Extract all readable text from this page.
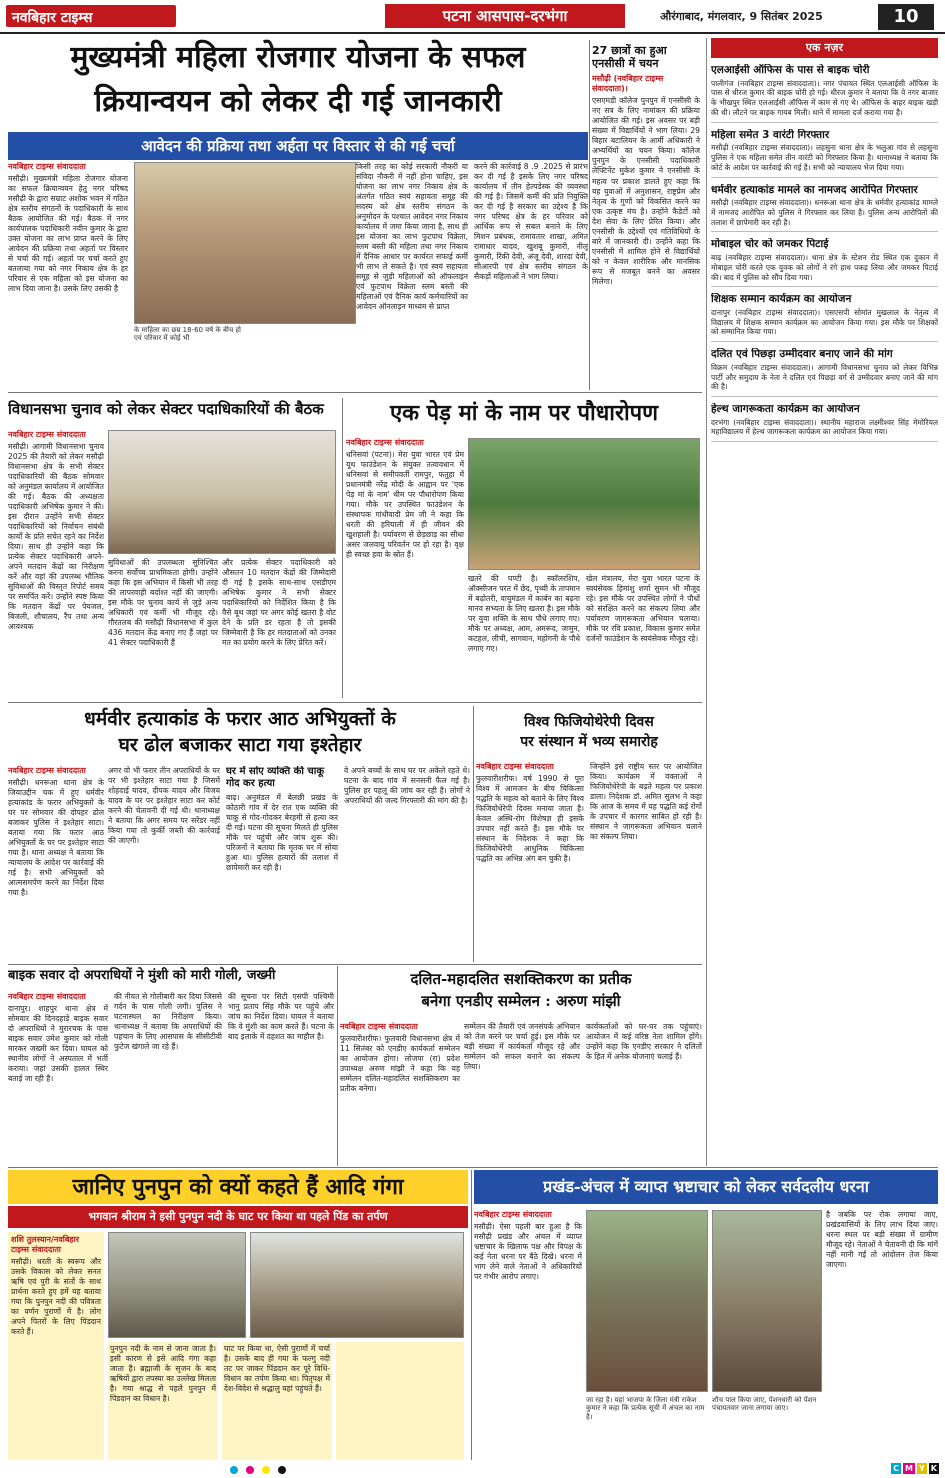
नवबिहार टाइम्स	पटना आसपास-दरभंगा	औरंगाबाद, मंगलवार, 9 सितंबर 2025	10
मुख्यमंत्री महिला रोजगार योजना के सफल
क्रियान्वयन को लेकर दी गई जानकारी
आवेदन की प्रक्रिया तथा अर्हता पर विस्तार से की गई चर्चा
नवबिहार टाइम्स संवाददाता
मसौढ़ी। मुख्यमंत्री महिला रोजगार योजना का सफल क्रियान्वयन हेतु नगर परिषद मसौढ़ी के द्वारा सम्राट अशोक भवन में गठित क्षेत्र स्तरीय संगठनों के पदाधिकारी के साथ बैठक आयोजित की गई। बैठक में नगर कार्यपालक पदाधिकारी नवीन कुमार के द्वारा उक्त योजना का लाभ प्राप्त करने के लिए आवेदन की प्रक्रिया तथा अहर्ता पर विस्तार से चर्चा की गई। अहर्ता पर चर्चा करते हुए बतलाया गया को नगर निकाय क्षेत्र के हर परिवार से एक महिला को इस योजना का लाभ दिया जाना है। उसके लिए उसकी है
के माहिला का छम्र 18-60 वर्ष के बीच हो एवं परिवार में कोई भी
किसी तरह का कोई सरकारी नौकरी या संविदा नौकरी में नहीं होना चाहिए, इस योजना का लाभ नगर निकाय क्षेत्र के अंतर्गत गठित स्वयं सहायता समूह की सदस्य को क्षेत्र स्तरीय संगठन के अनुमोदन के पश्चात आवेदन नगर निकाय कार्यालय में जमा किया जाना है, साथ ही इस योजना का लाभ फुटपाथ विक्रेता, स्लम बस्ती की महिला तथा नगर निकाय में दैनिक आधार पर कार्यरत सफाई कर्मी भी लाभ ले सकते है। एवं स्वयं सहायता समूह से जुड़ी महिलाओं को ऑफलाइन एवं फुटपाथ विक्रेता स्लम बस्ती की महिलाओं एवं दैनिक कार्य कर्मचारियों का आवेदन ऑनलाइन माध्यम से प्राप्त
करने की कार्रवाई 8 .9 .2025 से प्रारंभ कर दी गई है इसके लिए नगर परिषद कार्यालय में तीन हेल्पडेस्क की व्यवस्था की गई है। जिसमें कर्मी की प्रति नियुक्ति कर दी गई है सरकार का उद्देश्य है कि नगर परिषद क्षेत्र के हर परिवार को आर्थिक रूप से सबल बनाने के लिए मिशन प्रबंधक, रामावतार शाखा, अमित रामाधार यादव, खुशबू कुमारी, नीलू कुमारी, रिंकी देवी, अंजू देवी, शारदा देवी, सीआरपी एवं क्षेत्र स्तरीय संगठन के सैकड़ों महिलाओं ने भाग लिया।
27 छात्रों का हुआ एनसीसी में चयन
मसौढ़ी (नवबिहार टाइम्स संवाददाता)।
एसएमडी कॉलेज पुनपुन में एनसीसी के नए सत्र के लिए नामांकन की प्रक्रिया आयोजित की गई। इस अवसर पर बड़ी संख्या में विद्यार्थियों ने भाग लिया। 29 बिहार बटालियन के आर्मी अधिकारी ने अभ्यर्थियों का चयन किया। कॉलेज पुनपुन के एनसीसी पदाधिकारी लेफ्टिनेंट मुकेश कुमार ने एनसीसी के महत्व पर प्रकाश डालते हुए कहा कि यह युवाओं में अनुशासन, राष्ट्रप्रेम और नेतृत्व के गुणों को विकसित करने का एक उत्कृष्ट मंच है। उन्होंने कैडेटों को देश सेवा के लिए प्रेरित किया। और एनसीसी के उद्देश्यों एवं गतिविधियों के बारे में जानकारी दी। उन्होंने कहा कि एनसीसी में शामिल होने से विद्यार्थियों को न केवल शारीरिक और मानसिक रूप से मजबूत बनने का अवसर मिलेगा।
विधानसभा चुनाव को लेकर सेक्टर पदाधिकारियों की बैठक
नवबिहार टाइम्स संवाददाता
मसौढ़ी। आगामी विधानसभा चुनाव 2025 की तैयारी को लेकर मसौढ़ी विधानसभा क्षेत्र के सभी सेक्टर पदाधिकारियों की बैठक सोमवार को अनुमंडल कार्यालय में आयोजित की गई। बैठक की अध्यक्षता पदाधिकारी अभिषेक कुमार ने की। इस दौरान उन्होंने सभी सेक्टर पदाधिकारियों को निर्वाचन संबंधी कार्यों के प्रति सचेत रहने का निर्देश दिया। साथ ही उन्होंने कहा कि प्रत्येक सेक्टर पदाधिकारी अपने-अपने मतदान केंद्रों का निरीक्षण करें और वहां की उपलब्ध भौतिक सुविधाओं की विस्तृत रिपोर्ट समय पर समर्पित करें। उन्होंने स्पष्ट किया कि मतदान केंद्रों पर पेयजल, बिजली, शौचालय, रैंप तथा अन्य आवश्यक
सुविधाओं की उपलब्धता सुनिश्चित करना सर्वोच्च प्राथमिकता होगी। उन्होंने कहा कि इस अभियान में किसी भी तरह की लापरवाही बर्दाश्त नहीं की जाएगी। इस मौके पर चुनाव कार्य से जुड़े अन्य अधिकारी एवं कर्मी भी मौजूद रहे। गौरतलब की मसौढ़ी विधानसभा में कुल 436 मतदान केंद्र बनाए गए हैं जहां पर 41 सेक्टर पदाधिकारी हैं
और प्रत्येक सेक्टर पदाधिकारी को औसतन 10 मतदान केंद्रों की जिम्मेदारी दी गई है इसके साथ-साथ एसडीएम अभिषेक कुमार ने सभी सेक्टर पदाधिकारियों को निर्देशित किया है कि वैसे बूथ जहां पर अगर कोई खतरा है वोट देने के प्रति डर रहता है तो इसकी जिम्मेवारी है कि हर मतदाताओं को उनका मत का प्रयोग करने के लिए प्रेरित करें।
एक पेड़ मां के नाम पर पौधारोपण
नवबिहार टाइम्स संवाददाता
धनिसवां (पटना)। मेरा युवा भारत एवं प्रेम यूथ फाउंडेशन के संयुक्त तत्वावधान में धनिसवां से समीपवर्ती रामपुर, फतुहा में प्रधानमंत्री नरेंद्र मोदी के आह्वान पर 'एक पेड़ मां के नाम' थीम पर पौधारोपण किया गया। मौके पर उपस्थित फाउंडेशन के संस्थापक गांधीवादी प्रेम जी ने कहा कि धरती की हरियाली में ही जीवन की खुशहाली है। पर्यावरण से छेड़छाड़ का सीधा असर जलवायु परिवर्तन पर हो रहा है। वृक्ष ही स्वच्छ हवा के स्रोत हैं।
खतरे की घण्टी है। स्कॉलरशिप, ऑक्सीजन परत में छेद, पृथ्वी के तापमान में बढ़ोतरी, वायुमंडल में कार्बन का बढ़ना मानव सभ्यता के लिए खतरा है। इस मौके पर युवा शक्ति के साथ पौधे लगाए गए। मौके पर अध्यक्ष, आम, अमरूद, जामुन, कटहल, लीची, सागवान, महोगनी के पौधे लगाए गए।
खेल मंत्रालय, मेरा युवा भारत पटना के स्वयंसेवक हिमांशु शर्मा सुमन भी मौजूद रहे। इस मौके पर उपस्थित लोगों ने पौधों को संरक्षित करने का संकल्प लिया और पर्यावरण जागरूकता अभियान चलाया। मौके पर रवि प्रकाश, विकास कुमार समेत दर्जनों फाउंडेशन के स्वयंसेवक मौजूद रहे।
धर्मवीर हत्याकांड के फरार आठ अभियुक्तों के
घर ढोल बजाकर साटा गया इश्तेहार
नवबिहार टाइम्स संवाददाता
मसौढ़ी। धनरूआ थाना क्षेत्र के जियाउद्दीन चक में हुए धर्मवीर हत्याकांड के फरार अभियुक्तों के घर पर सोमवार की दोपहर ढोल बजाकर पुलिस ने इश्तेहार साटा। बताया गया कि फरार आठ अभियुक्तों के घर पर इश्तेहार साटा गया है। थाना अध्यक्ष ने बताया कि न्यायालय के आदेश पर कार्रवाई की गई है। सभी अभियुक्तों को आत्मसमर्पण करने का निर्देश दिया गया है।
अगर वो भी फरार तीन अपराधियों के घर पर भी इश्तेहार साटा गया है जिसमें शोहदाई यादव, दीपक यादव और विजय यादव के घर पर इश्तेहार साटा कर कोर्ट करने की चेतावनी दी गई थी। थानाध्यक्ष ने बताया कि अगर समय पर सरेंडर नहीं किया गया तो कुर्की जब्ती की कार्रवाई की जाएगी।
घर में सोए व्यक्ति की चाकू गोद कर हत्या
बाढ़। अनुमंडल में बेलछी प्रखंड के कोठारी गांव में देर रात एक व्यक्ति की चाकू से गोद-गोदकर बेरहमी से हत्या कर दी गई। घटना की सूचना मिलते ही पुलिस मौके पर पहुंची और जांच शुरू की। परिजनों ने बताया कि मृतक घर में सोया हुआ था। पुलिस हत्यारों की तलाश में छापेमारी कर रही है।
वे अपने बच्चों के साथ घर पर अकेले रहते थे। घटना के बाद गांव में सनसनी फैल गई है। पुलिस हर पहलू की जांच कर रही है। लोगों ने अपराधियों की जल्द गिरफ्तारी की मांग की है।
विश्व फिजियोथेरेपी दिवस
पर संस्थान में भव्य समारोह
नवबिहार टाइम्स संवाददाता
फुलवारीशरीफ। वर्ष 1990 से पूरा विश्व में आमजन के बीच चिकित्सा पद्धति के महत्व को बताने के लिए विश्व फिजियोथेरेपी दिवस मनाया जाता है। केवल अस्थि-रोग विशेषज्ञ ही इसके उपचार नहीं करते हैं। इस मौके पर संस्थान के निदेशक ने कहा कि फिजियोथेरेपी आधुनिक चिकित्सा पद्धति का अभिन्न अंग बन चुकी है।
जिन्होंने इसे राष्ट्रीय स्तर पर आयोजित किया। कार्यक्रम में वक्ताओं ने फिजियोथेरेपी के बढ़ते महत्व पर प्रकाश डाला। निदेशक डॉ. अमित सुलभ ने कहा कि आज के समय में यह पद्धति कई रोगों के उपचार में कारगर साबित हो रही है। संस्थान ने जागरूकता अभियान चलाने का संकल्प लिया।
बाइक सवार दो अपराधियों ने मुंशी को मारी गोली, जख्मी
नवबिहार टाइम्स संवाददाता
दानापुर। शाहपुर थाना क्षेत्र में सोमवार की दिनदहाड़े बाइक सवार दो अपराधियों ने मुरारचक के पास बाइक सवार उमेश कुमार को गोली मारकर जख्मी कर दिया। घायल को स्थानीय लोगों ने अस्पताल में भर्ती कराया। जहां उसकी हालत स्थिर बताई जा रही है।
की नीयत से गोलीबारी कर दिया जिससे गर्दन के पास गोली लगी। पुलिस ने घटनास्थल का निरीक्षण किया। थानाध्यक्ष ने बताया कि अपराधियों की पहचान के लिए आसपास के सीसीटीवी फुटेज खंगाले जा रहे हैं।
की सूचना पर सिटी एसपी पश्चिमी भानु प्रताप सिंह मौके पर पहुंचे और जांच का निर्देश दिया। घायल ने बताया कि वे मुंशी का काम करते हैं। घटना के बाद इलाके में दहशत का माहौल है।
दलित-महादलित सशक्तिकरण का प्रतीक
बनेगा एनडीए सम्मेलन : अरुण मांझी
नवबिहार टाइम्स संवाददाता
फुलवारीशरीफ। फुलवारी विधानसभा क्षेत्र में 11 सितंबर को एनडीए कार्यकर्ता सम्मेलन का आयोजन होगा। लोजपा (रा) प्रदेश उपाध्यक्ष अरुण मांझी ने कहा कि यह सम्मेलन दलित-महादलित सशक्तिकरण का प्रतीक बनेगा।
सम्मेलन की तैयारी एवं जनसंपर्क अभियान को तेज करने पर चर्चा हुई। इस मौके पर बड़ी संख्या में कार्यकर्ता मौजूद रहे और सम्मेलन को सफल बनाने का संकल्प लिया।
कार्यकर्ताओं को घर-घर तक पहुंचाएं। आयोजन में कई वरिष्ठ नेता शामिल होंगे। उन्होंने कहा कि एनडीए सरकार ने दलितों के हित में अनेक योजनाएं चलाई हैं।
एक नज़र
एलआईसी ऑफिस के पास से बाइक चोरी
पालीगंज (नवबिहार टाइम्स संवाददाता)। नगर पंचायत स्थित एलआईसी ऑफिस के पास से धीरज कुमार की बाइक चोरी हो गई। धीरज कुमार ने बताया कि वे नगर बाजार के भीखपुर स्थित एलआईसी ऑफिस में काम से गए थे। ऑफिस के बाहर बाइक खड़ी की थी। लौटने पर बाइक गायब मिली। थाने में मामला दर्ज कराया गया है।
महिला समेत 3 वारंटी गिरफ्तार
मसौढ़ी (नवबिहार टाइम्स संवाददाता)। लहसुना थाना क्षेत्र के भलुआ गांव से लहसुना पुलिस ने एक महिला समेत तीन वारंटी को गिरफ्तार किया है। थानाध्यक्ष ने बताया कि कोर्ट के आदेश पर कार्रवाई की गई है। सभी को न्यायालय भेज दिया गया।
धर्मवीर हत्याकांड मामले का नामजद आरोपित गिरफ्तार
मसौढ़ी (नवबिहार टाइम्स संवाददाता)। धनरूआ थाना क्षेत्र के धर्मवीर हत्याकांड मामले में नामजद आरोपित को पुलिस ने गिरफ्तार कर लिया है। पुलिस अन्य आरोपितों की तलाश में छापेमारी कर रही है।
मोबाइल चोर को जमकर पिटाई
बाढ़ (नवबिहार टाइम्स संवाददाता)। थाना क्षेत्र के स्टेशन रोड स्थित एक दुकान में मोबाइल चोरी करते एक युवक को लोगों ने रंगे हाथ पकड़ लिया और जमकर पिटाई की। बाद में पुलिस को सौंप दिया गया।
शिक्षक सम्मान कार्यक्रम का आयोजन
दानापुर (नवबिहार टाइम्स संवाददाता)। एसएसपी सोमांत मुखलाल के नेतृत्व में विद्यालय में शिक्षक सम्मान कार्यक्रम का आयोजन किया गया। इस मौके पर शिक्षकों को सम्मानित किया गया।
दलित एवं पिछड़ा उम्मीदवार बनाए जाने की मांग
विक्रम (नवबिहार टाइम्स संवाददाता)। आगामी विधानसभा चुनाव को लेकर विभिन्न पार्टी और समुदाय के नेता ने दलित एवं पिछड़ा वर्ग से उम्मीदवार बनाए जाने की मांग की है।
हेल्थ जागरूकता कार्यक्रम का आयोजन
दरभंगा (नवबिहार टाइम्स संवाददाता)। स्थानीय महाराज लक्ष्मीश्वर सिंह मेमोरियल महाविद्यालय में हेल्थ जागरूकता कार्यक्रम का आयोजन किया गया।
जानिए पुनपुन को क्यों कहते हैं आदि गंगा
भगवान श्रीराम ने इसी पुनपुन नदी के घाट पर किया था पहले पिंड का तर्पण
शशि तुलस्यान/नवबिहार
टाइम्स संवाददाता
मसौढ़ी। धरती के स्वरूप और उसके विकास को लेकर सनत ऋषि एवं पुरी के संतों के साथ प्रार्थना करते हुए हमें यह बताया गया कि पुनपुन नदी की पवित्रता का वर्णन पुराणों में है। लोग अपने पितरों के लिए पिंडदान करते हैं।
पुनपुन नदी के नाम से जाना जाता है। इसी कारण से इसे आदि गंगा कहा जाता है। ब्रह्माजी के सृजन के बाद ऋषियों द्वारा तपस्या का उल्लेख मिलता है। गया श्राद्ध से पहले पुनपुन में पिंडदान का विधान है।
घाट पर किया था, ऐसी पुराणों में चर्चा है। उसके बाद ही गया के फल्गु नदी तट पर जाकर पिंडदान कर पूरे विधि-विधान का तर्पण किया था। पितृपक्ष में देश-विदेश से श्रद्धालु यहां पहुंचते हैं।
प्रखंड-अंचल में व्याप्त भ्रष्टाचार को लेकर सर्वदलीय धरना
नवबिहार टाइम्स संवाददाता
मसौढ़ी। ऐसा पहली बार हुआ है कि मसौढ़ी प्रखंड और अंचल में व्याप्त भ्रष्टाचार के खिलाफ पक्ष और विपक्ष के कई नेता धरना पर बैठे दिखे। धरना में भाग लेने वाले नेताओं ने अधिकारियों पर गंभीर आरोप लगाए।
जा रहा है। यहां भाजपा के जिला मंत्री राकेश कुमार ने कहा कि प्रत्येक सूची में अंचल का नाम है।
शौच पाल किया जाए, पेंशनधारी को पेंशन पंचायतवार जाना लगाया जाए।
है जबकि पर रोक लगाया जाए, प्रखंडवासियों के लिए लाभ दिया जाए। धरना स्थल पर बड़ी संख्या में ग्रामीण मौजूद रहे। नेताओं ने चेतावनी दी कि मांगें नहीं मानी गईं तो आंदोलन तेज किया जाएगा।
C M Y K
